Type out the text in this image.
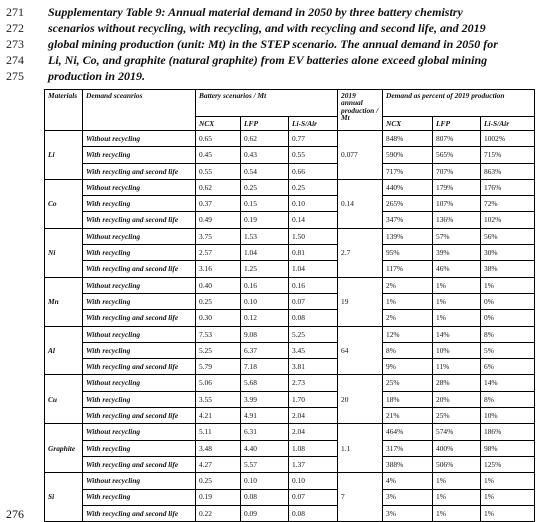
271	Supplementary Table 9: Annual material demand in 2050 by three battery chemistry
272	scenarios without recycling, with recycling, and with recycling and second life, and 2019
273	global mining production (unit: Mt) in the STEP scenario. The annual demand in 2050 for
274	Li, Ni, Co, and graphite (natural graphite) from EV batteries alone exceed global mining
275	production in 2019.
Materials	Demand sceanrios	Battery scenarios / Mt			2019 annual production / Mt	Demand as percent of 2019 production		
		NCX	LFP	Li-S/Air		NCX	LFP	Li-S/Air
Li	Without recycling	0.65	0.62	0.77	0.077	848%	807%	1002%
	With recycling	0.45	0.43	0.55		590%	565%	715%
	With recycling and second life	0.55	0.54	0.66		717%	707%	863%
Co	Without recycling	0.62	0.25	0.25	0.14	440%	179%	176%
	With recycling	0.37	0.15	0.10		265%	107%	72%
	With recycling and second life	0.49	0.19	0.14		347%	136%	102%
Ni	Without recycling	3.75	1.53	1.50	2.7	139%	57%	56%
	With recycling	2.57	1.04	0.81		95%	39%	30%
	With recycling and second life	3.16	1.25	1.04		117%	46%	38%
Mn	Without recycling	0.40	0.16	0.16	19	2%	1%	1%
	With recycling	0.25	0.10	0.07		1%	1%	0%
	With recycling and second life	0.30	0.12	0.08		2%	1%	0%
Al	Without recycling	7.53	9.08	5.25	64	12%	14%	8%
	With recycling	5.25	6.37	3.45		8%	10%	5%
	With recycling and second life	5.79	7.18	3.81		9%	11%	6%
Cu	Without recycling	5.06	5.68	2.73	20	25%	28%	14%
	With recycling	3.55	3.99	1.70		18%	20%	8%
	With recycling and second life	4.21	4.91	2.04		21%	25%	10%
Graphite	Without recycling	5.11	6.31	2.04	1.1	464%	574%	186%
	With recycling	3.48	4.40	1.08		317%	400%	98%
	With recycling and second life	4.27	5.57	1.37		388%	506%	125%
Si	Without recycling	0.25	0.10	0.10	7	4%	1%	1%
	With recycling	0.19	0.08	0.07		3%	1%	1%
	With recycling and second life	0.22	0.09	0.08		3%	1%	1%
276
